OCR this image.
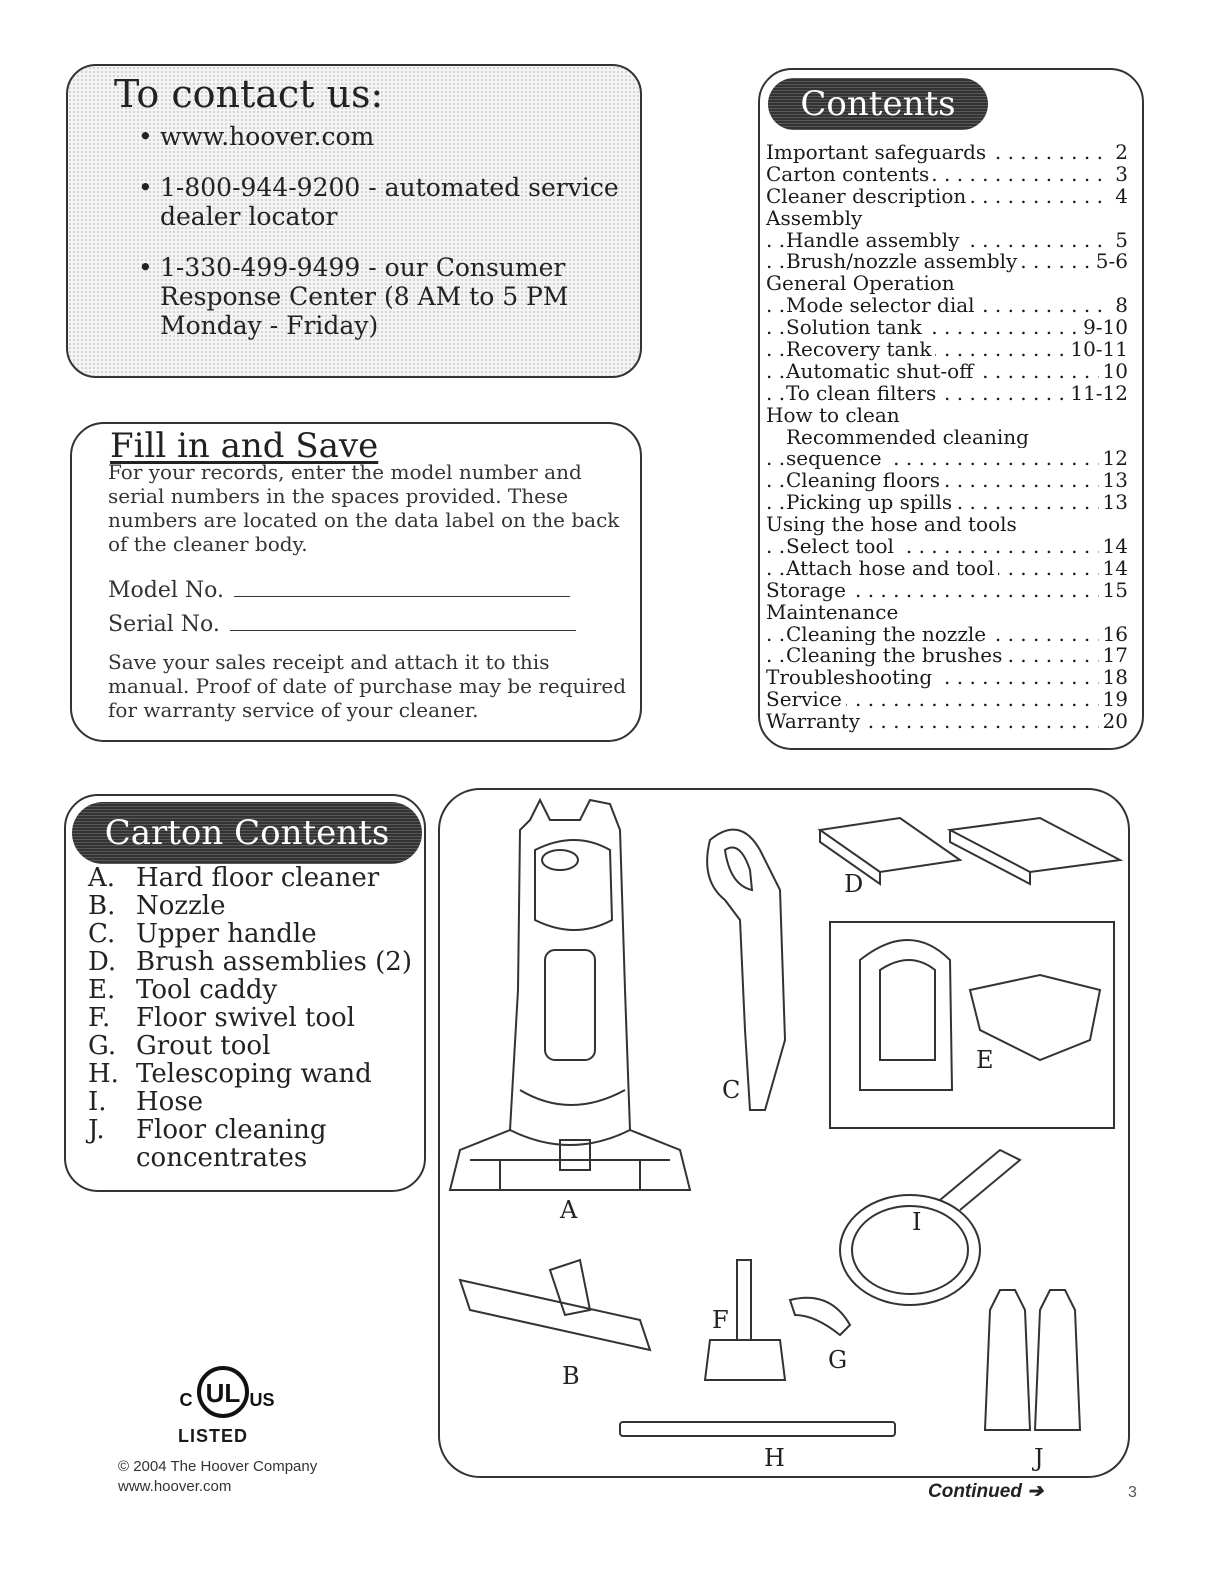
To contact us:
• www.hoover.com
• 1-800-944-9200 - automated service dealer locator
• 1-330-499-9499 - our Consumer Response Center (8 AM to 5 PM Monday - Friday)
Fill in and Save
For your records, enter the model number and serial numbers in the spaces provided. These numbers are located on the data label on the back of the cleaner body.
Model No.
Serial No.
Save your sales receipt and attach it to this manual. Proof of date of purchase may be required for warranty service of your cleaner.
Contents
Important safeguards	2
. . .
Carton contents	3
. . .
Cleaner description	4
. . .
Assembly
Handle assembly	5
. . .
Brush/nozzle assembly	5-6
. . .
General Operation
Mode selector dial	8
. . .
Solution tank	9-10
. . .
Recovery tank	10-11
. . .
Automatic shut-off	10
. . .
To clean filters	11-12
. . .
How to clean
Recommended cleaning
sequence	12
. . .
Cleaning floors	13
. . .
Picking up spills	13
. . .
Using the hose and tools
Select tool	14
. . .
Attach hose and tool	14
. . .
Storage	15
. . .
Maintenance
Cleaning the nozzle	16
. . .
Cleaning the brushes	17
. . .
Troubleshooting	18
. . .
Service	19
. . .
Warranty	20
. . .
Carton Contents
A. Hard floor cleaner
B. Nozzle
C. Upper handle
D. Brush assemblies (2)
E. Tool caddy
F. Floor swivel tool
G. Grout tool
H. Telescoping wand
I.	Hose
J.	Floor cleaning concentrates
A
B
C
D
E
F
G
H
I
J
UL
C	US
LISTED
© 2004 The Hoover Company
www.hoover.com	Continued ➔	3
